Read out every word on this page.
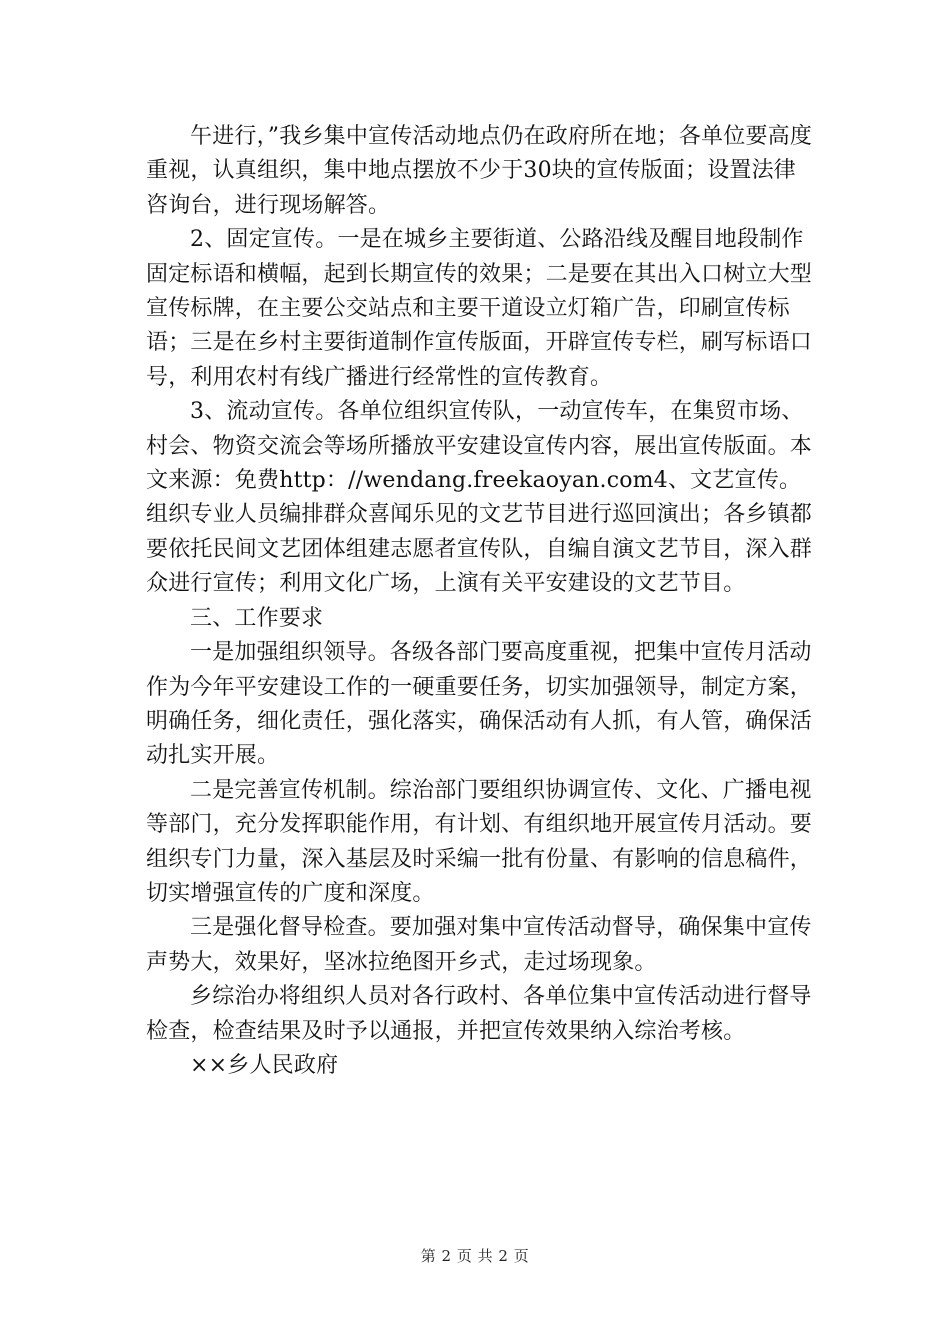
午进行，”我乡集中宣传活动地点仍在政府所在地；各单位要高度重视，认真组织，集中地点摆放不少于30块的宣传版面；设置法律咨询台，进行现场解答。

2、固定宣传。一是在城乡主要街道、公路沿线及醒目地段制作固定标语和横幅，起到长期宣传的效果；二是要在其出入口树立大型宣传标牌，在主要公交站点和主要干道设立灯箱广告，印刷宣传标语；三是在乡村主要街道制作宣传版面，开辟宣传专栏，刷写标语口号，利用农村有线广播进行经常性的宣传教育。

3、流动宣传。各单位组织宣传队，一动宣传车，在集贸市场、村会、物资交流会等场所播放平安建设宣传内容，展出宣传版面。本文来源：免费http：//wendang.freekaoyan.com4、文艺宣传。组织专业人员编排群众喜闻乐见的文艺节目进行巡回演出；各乡镇都要依托民间文艺团体组建志愿者宣传队，自编自演文艺节目，深入群众进行宣传；利用文化广场，上演有关平安建设的文艺节目。

三、工作要求

一是加强组织领导。各级各部门要高度重视，把集中宣传月活动作为今年平安建设工作的一硬重要任务，切实加强领导，制定方案，明确任务，细化责任，强化落实，确保活动有人抓，有人管，确保活动扎实开展。

二是完善宣传机制。综治部门要组织协调宣传、文化、广播电视等部门，充分发挥职能作用，有计划、有组织地开展宣传月活动。要组织专门力量，深入基层及时采编一批有份量、有影响的信息稿件，切实增强宣传的广度和深度。

三是强化督导检查。要加强对集中宣传活动督导，确保集中宣传声势大，效果好，坚冰拉绝图开乡式，走过场现象。

乡综治办将组织人员对各行政村、各单位集中宣传活动进行督导检查，检查结果及时予以通报，并把宣传效果纳入综治考核。

××乡人民政府

第 2 页 共 2 页
